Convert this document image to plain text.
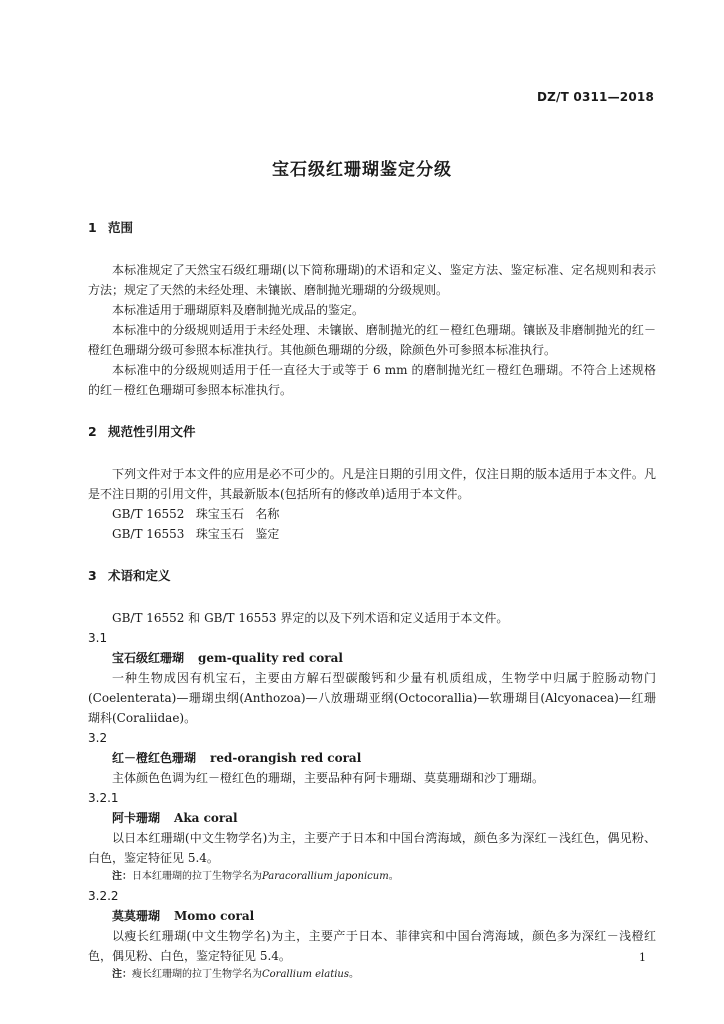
DZ/T 0311—2018
宝石级红珊瑚鉴定分级
1 范围

本标准规定了天然宝石级红珊瑚(以下简称珊瑚)的术语和定义、鉴定方法、鉴定标准、定名规则和表示方法；规定了天然的未经处理、未镶嵌、磨制抛光珊瑚的分级规则。

本标准适用于珊瑚原料及磨制抛光成品的鉴定。

本标准中的分级规则适用于未经处理、未镶嵌、磨制抛光的红－橙红色珊瑚。镶嵌及非磨制抛光的红－橙红色珊瑚分级可参照本标准执行。其他颜色珊瑚的分级，除颜色外可参照本标准执行。

本标准中的分级规则适用于任一直径大于或等于 6 mm 的磨制抛光红－橙红色珊瑚。不符合上述规格的红－橙红色珊瑚可参照本标准执行。

2 规范性引用文件

下列文件对于本文件的应用是必不可少的。凡是注日期的引用文件，仅注日期的版本适用于本文件。凡是不注日期的引用文件，其最新版本(包括所有的修改单)适用于本文件。

GB/T 16552   珠宝玉石   名称

GB/T 16553   珠宝玉石   鉴定

3 术语和定义

GB/T 16552 和 GB/T 16553 界定的以及下列术语和定义适用于本文件。

3.1

宝石级红珊瑚 gem-quality red coral

一种生物成因有机宝石，主要由方解石型碳酸钙和少量有机质组成，生物学中归属于腔肠动物门(Coelenterata)—珊瑚虫纲(Anthozoa)—八放珊瑚亚纲(Octocorallia)—软珊瑚目(Alcyonacea)—红珊瑚科(Coraliidae)。

3.2

红－橙红色珊瑚 red-orangish red coral

主体颜色色调为红－橙红色的珊瑚，主要品种有阿卡珊瑚、莫莫珊瑚和沙丁珊瑚。

3.2.1

阿卡珊瑚 Aka coral

以日本红珊瑚(中文生物学名)为主，主要产于日本和中国台湾海域，颜色多为深红－浅红色，偶见粉、白色，鉴定特征见 5.4。

注：日本红珊瑚的拉丁生物学名为Paracorallium japonicum。

3.2.2

莫莫珊瑚 Momo coral

以瘦长红珊瑚(中文生物学名)为主，主要产于日本、菲律宾和中国台湾海域，颜色多为深红－浅橙红色，偶见粉、白色，鉴定特征见 5.4。

注：瘦长红珊瑚的拉丁生物学名为Corallium elatius。

1
